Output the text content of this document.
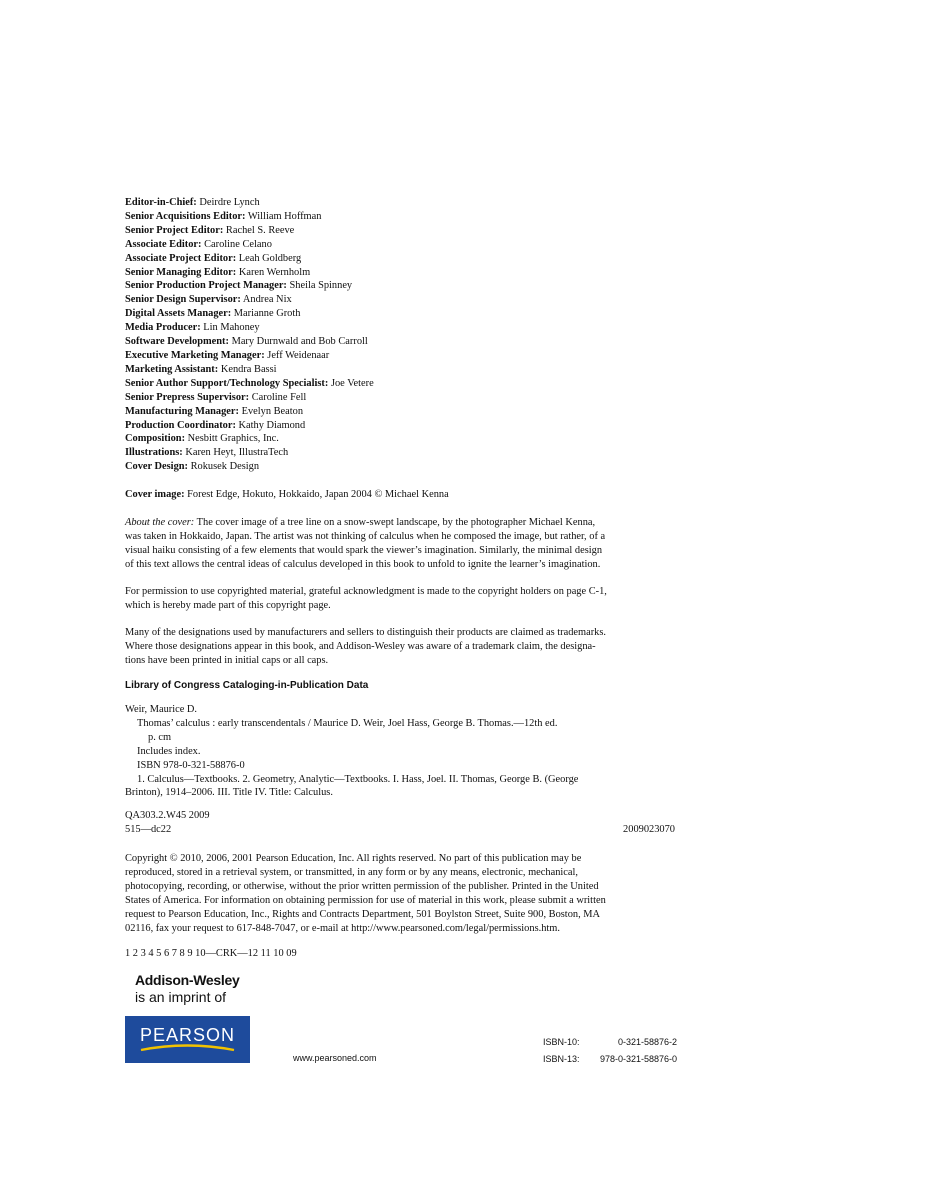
Editor-in-Chief: Deirdre Lynch
Senior Acquisitions Editor: William Hoffman
Senior Project Editor: Rachel S. Reeve
Associate Editor: Caroline Celano
Associate Project Editor: Leah Goldberg
Senior Managing Editor: Karen Wernholm
Senior Production Project Manager: Sheila Spinney
Senior Design Supervisor: Andrea Nix
Digital Assets Manager: Marianne Groth
Media Producer: Lin Mahoney
Software Development: Mary Durnwald and Bob Carroll
Executive Marketing Manager: Jeff Weidenaar
Marketing Assistant: Kendra Bassi
Senior Author Support/Technology Specialist: Joe Vetere
Senior Prepress Supervisor: Caroline Fell
Manufacturing Manager: Evelyn Beaton
Production Coordinator: Kathy Diamond
Composition: Nesbitt Graphics, Inc.
Illustrations: Karen Heyt, IllustraTech
Cover Design: Rokusek Design
Cover image: Forest Edge, Hokuto, Hokkaido, Japan 2004 © Michael Kenna
About the cover: The cover image of a tree line on a snow-swept landscape, by the photographer Michael Kenna,
was taken in Hokkaido, Japan. The artist was not thinking of calculus when he composed the image, but rather, of a
visual haiku consisting of a few elements that would spark the viewer’s imagination. Similarly, the minimal design
of this text allows the central ideas of calculus developed in this book to unfold to ignite the learner’s imagination.
For permission to use copyrighted material, grateful acknowledgment is made to the copyright holders on page C-1,
which is hereby made part of this copyright page.
Many of the designations used by manufacturers and sellers to distinguish their products are claimed as trademarks.
Where those designations appear in this book, and Addison-Wesley was aware of a trademark claim, the designa-
tions have been printed in initial caps or all caps.
Library of Congress Cataloging-in-Publication Data
Weir, Maurice D.
Thomas’ calculus : early transcendentals / Maurice D. Weir, Joel Hass, George B. Thomas.—12th ed.
p. cm
Includes index.
ISBN 978-0-321-58876-0
1. Calculus—Textbooks. 2. Geometry, Analytic—Textbooks. I. Hass, Joel. II. Thomas, George B. (George
Brinton), 1914–2006. III. Title IV. Title: Calculus.
QA303.2.W45 2009
515—dc22	2009023070
Copyright © 2010, 2006, 2001 Pearson Education, Inc. All rights reserved. No part of this publication may be
reproduced, stored in a retrieval system, or transmitted, in any form or by any means, electronic, mechanical,
photocopying, recording, or otherwise, without the prior written permission of the publisher. Printed in the United
States of America. For information on obtaining permission for use of material in this work, please submit a written
request to Pearson Education, Inc., Rights and Contracts Department, 501 Boylston Street, Suite 900, Boston, MA
02116, fax your request to 617-848-7047, or e-mail at http://www.pearsoned.com/legal/permissions.htm.
1 2 3 4 5 6 7 8 9 10—CRK—12 11 10 09
Addison-Wesley
is an imprint of
PEARSON
www.pearsoned.com
ISBN-10:	0-321-58876-2
ISBN-13:	978-0-321-58876-0
